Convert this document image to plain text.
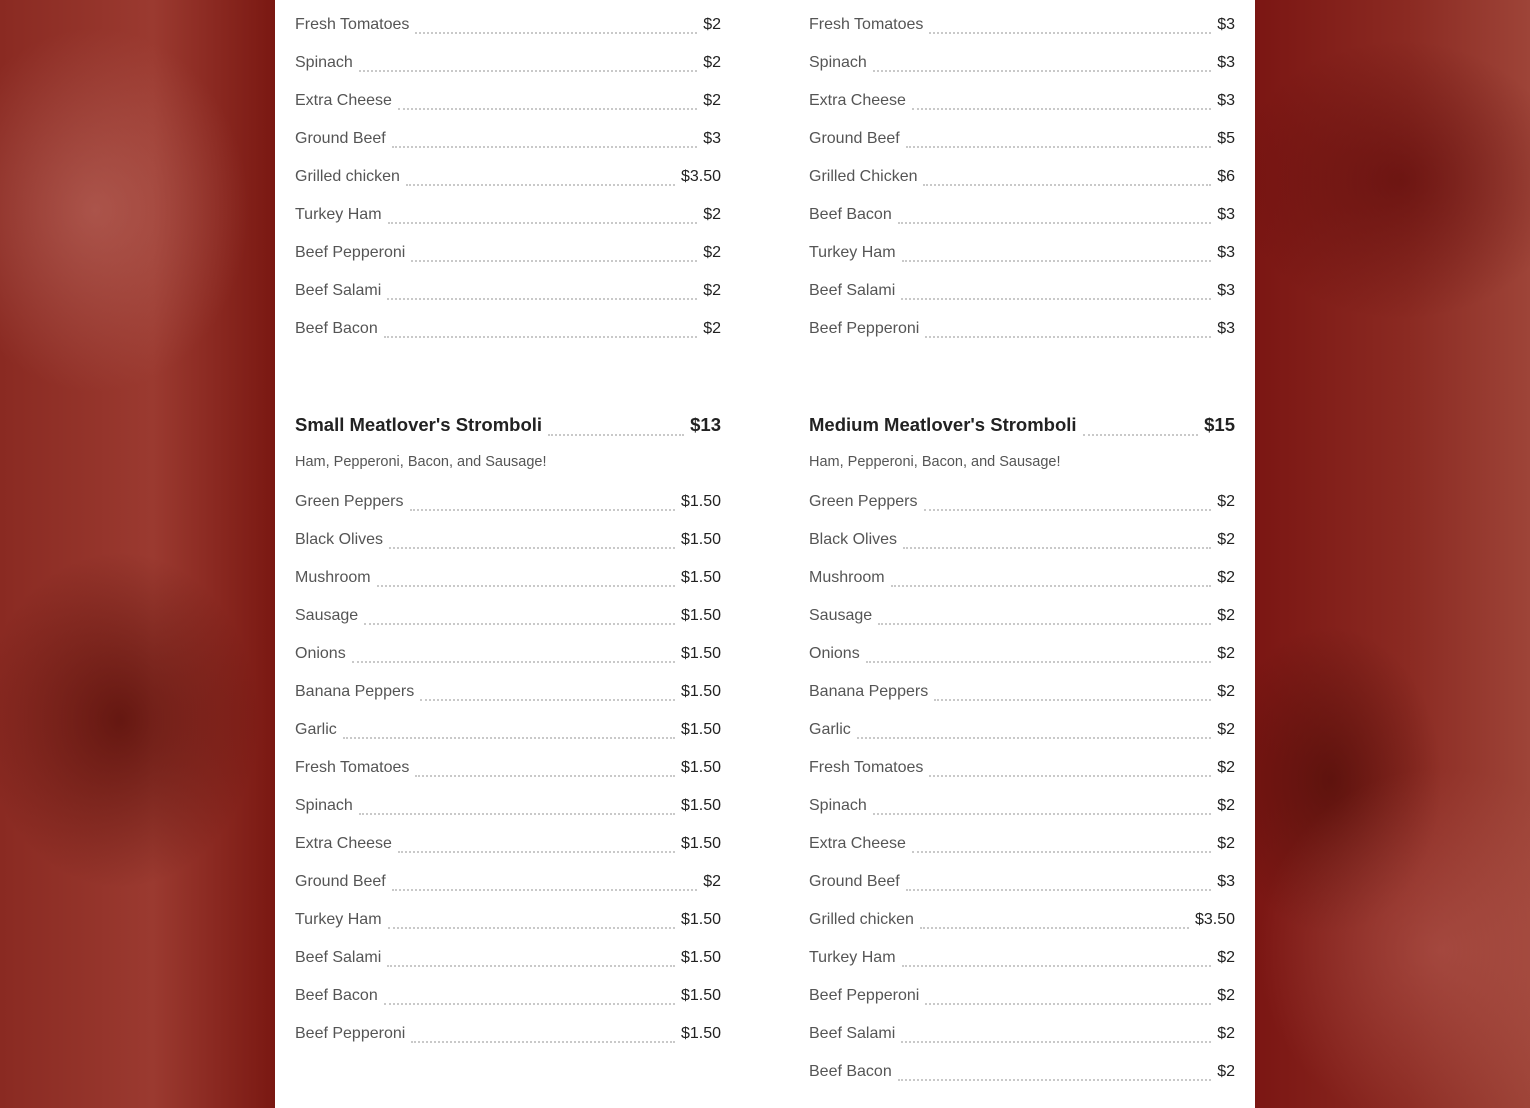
Fresh Tomatoes	$2
Spinach	$2
Extra Cheese	$2
Ground Beef	$3
Grilled chicken	$3.50
Turkey Ham	$2
Beef Pepperoni	$2
Beef Salami	$2
Beef Bacon	$2
Fresh Tomatoes	$3
Spinach	$3
Extra Cheese	$3
Ground Beef	$5
Grilled Chicken	$6
Beef Bacon	$3
Turkey Ham	$3
Beef Salami	$3
Beef Pepperoni	$3
Small Meatlover's Stromboli	$13
Ham, Pepperoni, Bacon, and Sausage!
Green Peppers	$1.50
Black Olives	$1.50
Mushroom	$1.50
Sausage	$1.50
Onions	$1.50
Banana Peppers	$1.50
Garlic	$1.50
Fresh Tomatoes	$1.50
Spinach	$1.50
Extra Cheese	$1.50
Ground Beef	$2
Turkey Ham	$1.50
Beef Salami	$1.50
Beef Bacon	$1.50
Beef Pepperoni	$1.50
Medium Meatlover's Stromboli	$15
Ham, Pepperoni, Bacon, and Sausage!
Green Peppers	$2
Black Olives	$2
Mushroom	$2
Sausage	$2
Onions	$2
Banana Peppers	$2
Garlic	$2
Fresh Tomatoes	$2
Spinach	$2
Extra Cheese	$2
Ground Beef	$3
Grilled chicken	$3.50
Turkey Ham	$2
Beef Pepperoni	$2
Beef Salami	$2
Beef Bacon	$2
